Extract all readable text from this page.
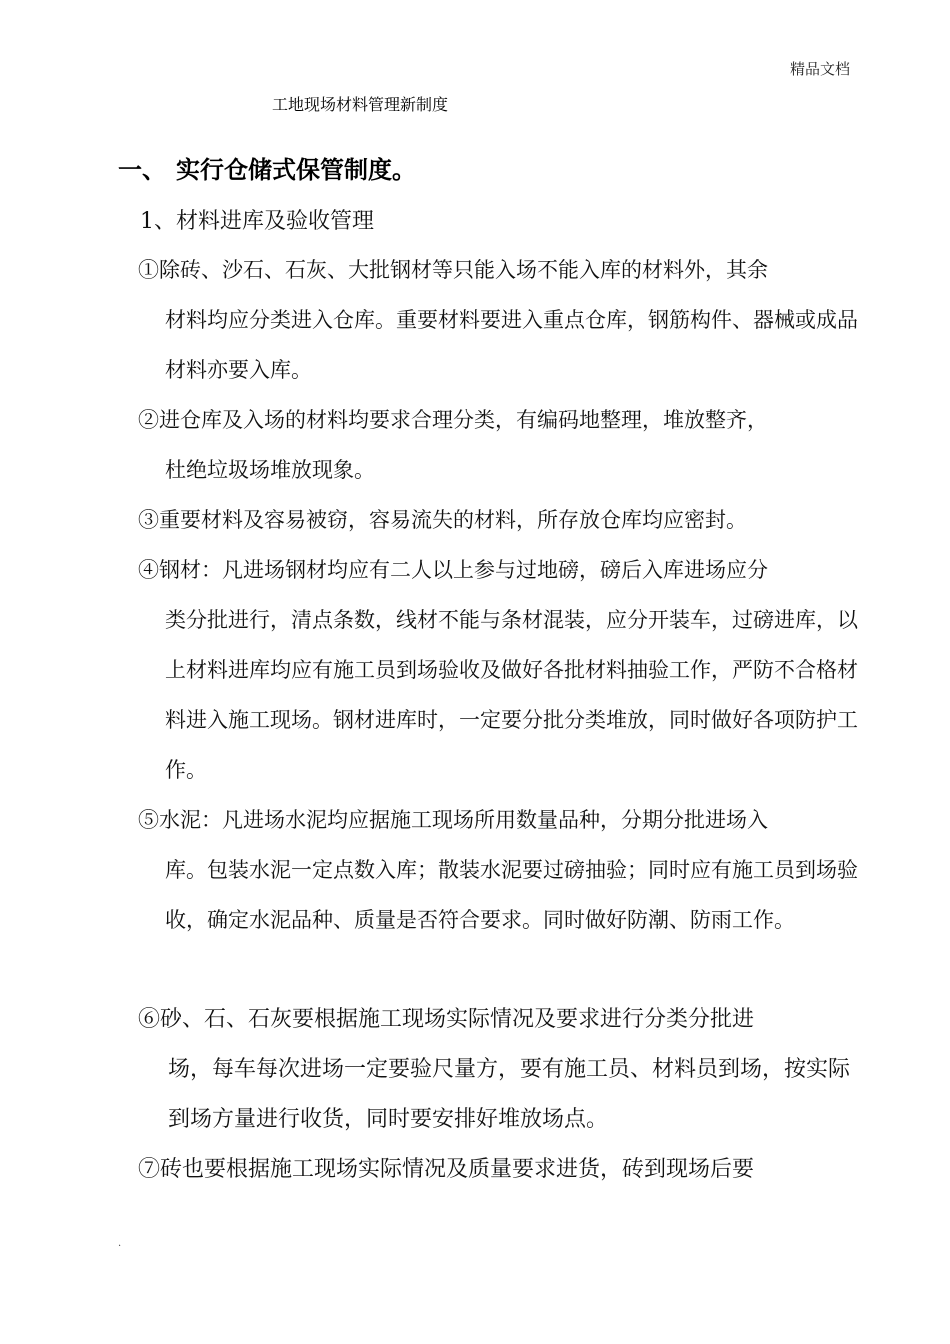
精品文档
工地现场材料管理新制度
一、 实行仓储式保管制度。
1、材料进库及验收管理
①除砖、沙石、石灰、大批钢材等只能入场不能入库的材料外，其余
材料均应分类进入仓库。重要材料要进入重点仓库，钢筋构件、器械或成品材料亦要入库。
②进仓库及入场的材料均要求合理分类，有编码地整理，堆放整齐，
杜绝垃圾场堆放现象。
③重要材料及容易被窃，容易流失的材料，所存放仓库均应密封。
④钢材：凡进场钢材均应有二人以上参与过地磅，磅后入库进场应分
类分批进行，清点条数，线材不能与条材混装，应分开装车，过磅进库，以上材料进库均应有施工员到场验收及做好各批材料抽验工作，严防不合格材料进入施工现场。钢材进库时，一定要分批分类堆放，同时做好各项防护工作。
⑤水泥：凡进场水泥均应据施工现场所用数量品种，分期分批进场入
库。包装水泥一定点数入库；散装水泥要过磅抽验；同时应有施工员到场验收，确定水泥品种、质量是否符合要求。同时做好防潮、防雨工作。
⑥砂、石、石灰要根据施工现场实际情况及要求进行分类分批进
场，每车每次进场一定要验尺量方，要有施工员、材料员到场，按实际到场方量进行收货，同时要安排好堆放场点。
⑦砖也要根据施工现场实际情况及质量要求进货，砖到现场后要
.
